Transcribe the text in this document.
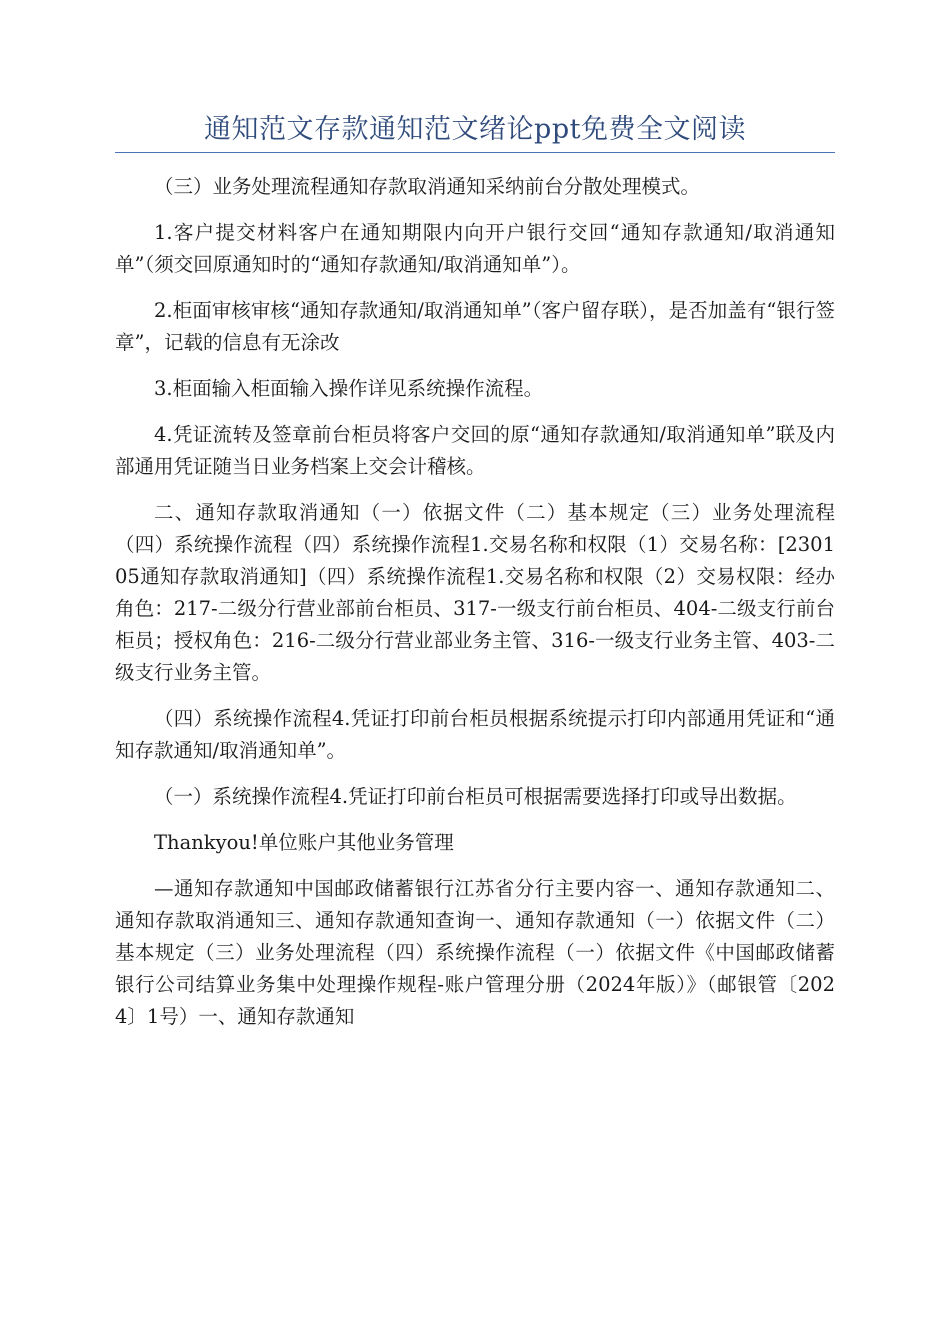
通知范文存款通知范文绪论ppt免费全文阅读

（三）业务处理流程通知存款取消通知采纳前台分散处理模式。

1.客户提交材料客户在通知期限内向开户银行交回“通知存款通知/取消通知单”（须交回原通知时的“通知存款通知/取消通知单”）。

2.柜面审核审核“通知存款通知/取消通知单”（客户留存联），是否加盖有“银行签章”，记载的信息有无涂改

3.柜面输入柜面输入操作详见系统操作流程。

4.凭证流转及签章前台柜员将客户交回的原“通知存款通知/取消通知单”联及内部通用凭证随当日业务档案上交会计稽核。

二、通知存款取消通知（一）依据文件（二）基本规定（三）业务处理流程（四）系统操作流程（四）系统操作流程1.交易名称和权限（1）交易名称：[230105通知存款取消通知]（四）系统操作流程1.交易名称和权限（2）交易权限：经办角色：217-二级分行营业部前台柜员、317-一级支行前台柜员、404-二级支行前台柜员；授权角色：216-二级分行营业部业务主管、316-一级支行业务主管、403-二级支行业务主管。

（四）系统操作流程4.凭证打印前台柜员根据系统提示打印内部通用凭证和“通知存款通知/取消通知单”。

（一）系统操作流程4.凭证打印前台柜员可根据需要选择打印或导出数据。

Thankyou!单位账户其他业务管理

—通知存款通知中国邮政储蓄银行江苏省分行主要内容一、通知存款通知二、通知存款取消通知三、通知存款通知查询一、通知存款通知（一）依据文件（二）基本规定（三）业务处理流程（四）系统操作流程（一）依据文件《中国邮政储蓄银行公司结算业务集中处理操作规程-账户管理分册（2024年版）》（邮银管〔2024〕1号）一、通知存款通知
